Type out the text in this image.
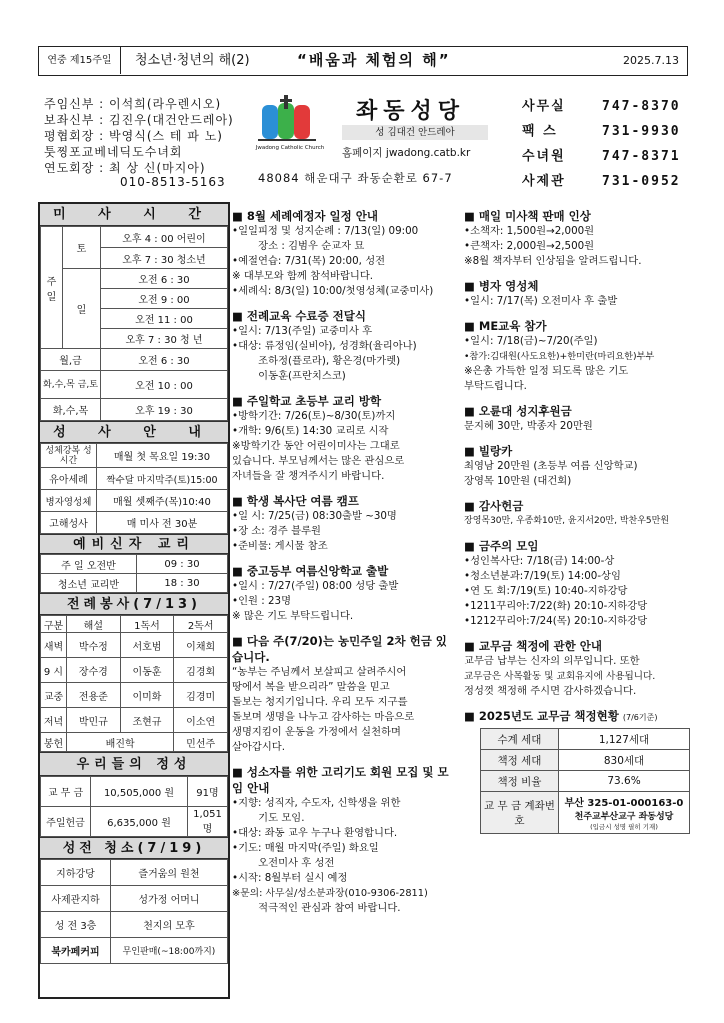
연중 제15주일	청소년·청년의 해(2)	“배움과 체험의 해”	2025.7.13
주임신부 : 이석희(라우렌시오)
보좌신부 : 김진우(대건안드레아)
평협회장 : 박영식(스 테 파 노)
툿찡포교베네딕도수녀회
연도회장 : 최 상 신(마지아)
010-8513-5163
Jwadong Catholic Church
좌동성당
성 김대건 안드레아
홈페이지 jwadong.catb.kr
48084 해운대구 좌동순환로 67-7
사무실	747-8370
팩 스	731-9930
수녀원	747-8371
사제관	731-0952
미 사 시 간
주일	토	오후 4 : 00 어린이
		오후 7 : 30 청소년
	일	오전 6 : 30
		오전 9 : 00
		오전 11 : 00
		오후 7 : 30 청 년
월,금		오전 6 : 30
화,수,목 금,토		오전 10 : 00
화,수,목		오후 19 : 30
성 사 안 내
성체강복 성시간	매월 첫 목요일 19:30
유아세례	짝수달 마지막주(토)15:00
병자영성체	매월 셋째주(목)10:40
고해성사	매 미사 전 30분
예비신자 교리
주 일 오전반	09 : 30
청소년 교리반	18 : 30
전례봉사(7/13)
구분	해설	1독서	2독서
새벽	박수정	서호범	이채희
9 시	장수경	이동훈	김경회
교중	전용준	이미화	김경미
저녁	박민규	조현규	이소연
봉헌	배진학		민선주
우리들의 정성
교 무 금	10,505,000 원	91명
주일헌금	6,635,000 원	1,051명
성전 청소(7/19)
지하강당	즐거움의 원천
사제관지하	성가정 어머니
성 전 3층	천지의 모후
북카페커피	무인판매(~18:00까지)
■ 8월 세례예정자 일정 안내
•일일피정 및 성지순례 : 7/13(일) 09:00
장소 : 김범우 순교자 묘
•예절연습: 7/31(목) 20:00, 성전
※ 대부모와 함께 참석바랍니다.
•세례식: 8/3(일) 10:00/첫영성체(교중미사)
■ 전례교육 수료증 전달식
•일시: 7/13(주일) 교중미사 후
•대상: 류정임(실비아), 성경화(율리아나)
조하정(플로라), 황은경(마가렛)
이동훈(프란치스코)
■ 주일학교 초등부 교리 방학
•방학기간: 7/26(토)~8/30(토)까지
•개학: 9/6(토) 14:30 교리로 시작
※방학기간 동안 어린이미사는 그대로
있습니다. 부모님께서는 많은 관심으로
자녀들을 잘 챙겨주시기 바랍니다.
■ 학생 복사단 여름 캠프
•일 시: 7/25(금) 08:30출발 ~30명
•장 소: 경주 블루원
•준비물: 게시물 참조
■ 중고등부 여름신앙학교 출발
•일시 : 7/27(주일) 08:00 성당 출발
•인원 : 23명
※ 많은 기도 부탁드립니다.
■ 다음 주(7/20)는 농민주일 2차 헌금 있습니다.
“농부는 주님께서 보살피고 살려주시어
땅에서 복을 받으리라” 말씀을 믿고
돌보는 청지기입니다. 우리 모두 지구를
돌보며 생명을 나누고 감사하는 마음으로
생명지킴이 운동을 가정에서 실천하며
살아갑시다.
■ 성소자를 위한 고리기도 회원 모집 및 모임 안내
•지향: 성직자, 수도자, 신학생을 위한
기도 모임.
•대상: 좌동 교우 누구나 환영합니다.
•기도: 매월 마지막(주일) 화요일
오전미사 후 성전
•시작: 8월부터 실시 예정
※문의: 사무실/성소분과장(010-9306-2811)
적극적인 관심과 참여 바랍니다.
■ 매일 미사책 판매 인상
•소책자: 1,500원→2,000원
•큰책자: 2,000원→2,500원
※8월 책자부터 인상됨을 알려드립니다.
■ 병자 영성체
•일시: 7/17(목) 오전미사 후 출발
■ ME교육 참가
•일시: 7/18(금)~7/20(주일)
•참가:김대원(사도요한)+한미란(마리요한)부부
※은총 가득한 일정 되도록 많은 기도
부탁드립니다.
■ 오륜대 성지후원금
문지혜 30만, 박종자 20만원
■ 빌랑카
최영남 20만원 (초등부 여름 신앙학교)
장영목 10만원 (대건회)
■ 감사헌금
장영목30만, 우종화10만, 윤지서20만, 박찬우5만원
■ 금주의 모임
•성인복사단: 7/18(금) 14:00-상
•청소년분과:7/19(토) 14:00-상임
•연 도 회:7/19(토) 10:40-지하강당
•1211꾸리아:7/22(화) 20:10-지하강당
•1212꾸리아:7/24(목) 20:10-지하강당
■ 교무금 책정에 관한 안내
교무금 납부는 신자의 의무입니다. 또한
교무금은 사목활동 및 교회유지에 사용됩니다.
정성껏 책정해 주시면 감사하겠습니다.
■ 2025년도 교무금 책정현황 (7/6기준)
수계 세대	1,127세대
책정 세대	830세대
책정 비율	73.6%
교 무 금 계좌번호	부산 325-01-000163-0
천주교부산교구 좌동성당
(입금시 성명 필히 기재)
